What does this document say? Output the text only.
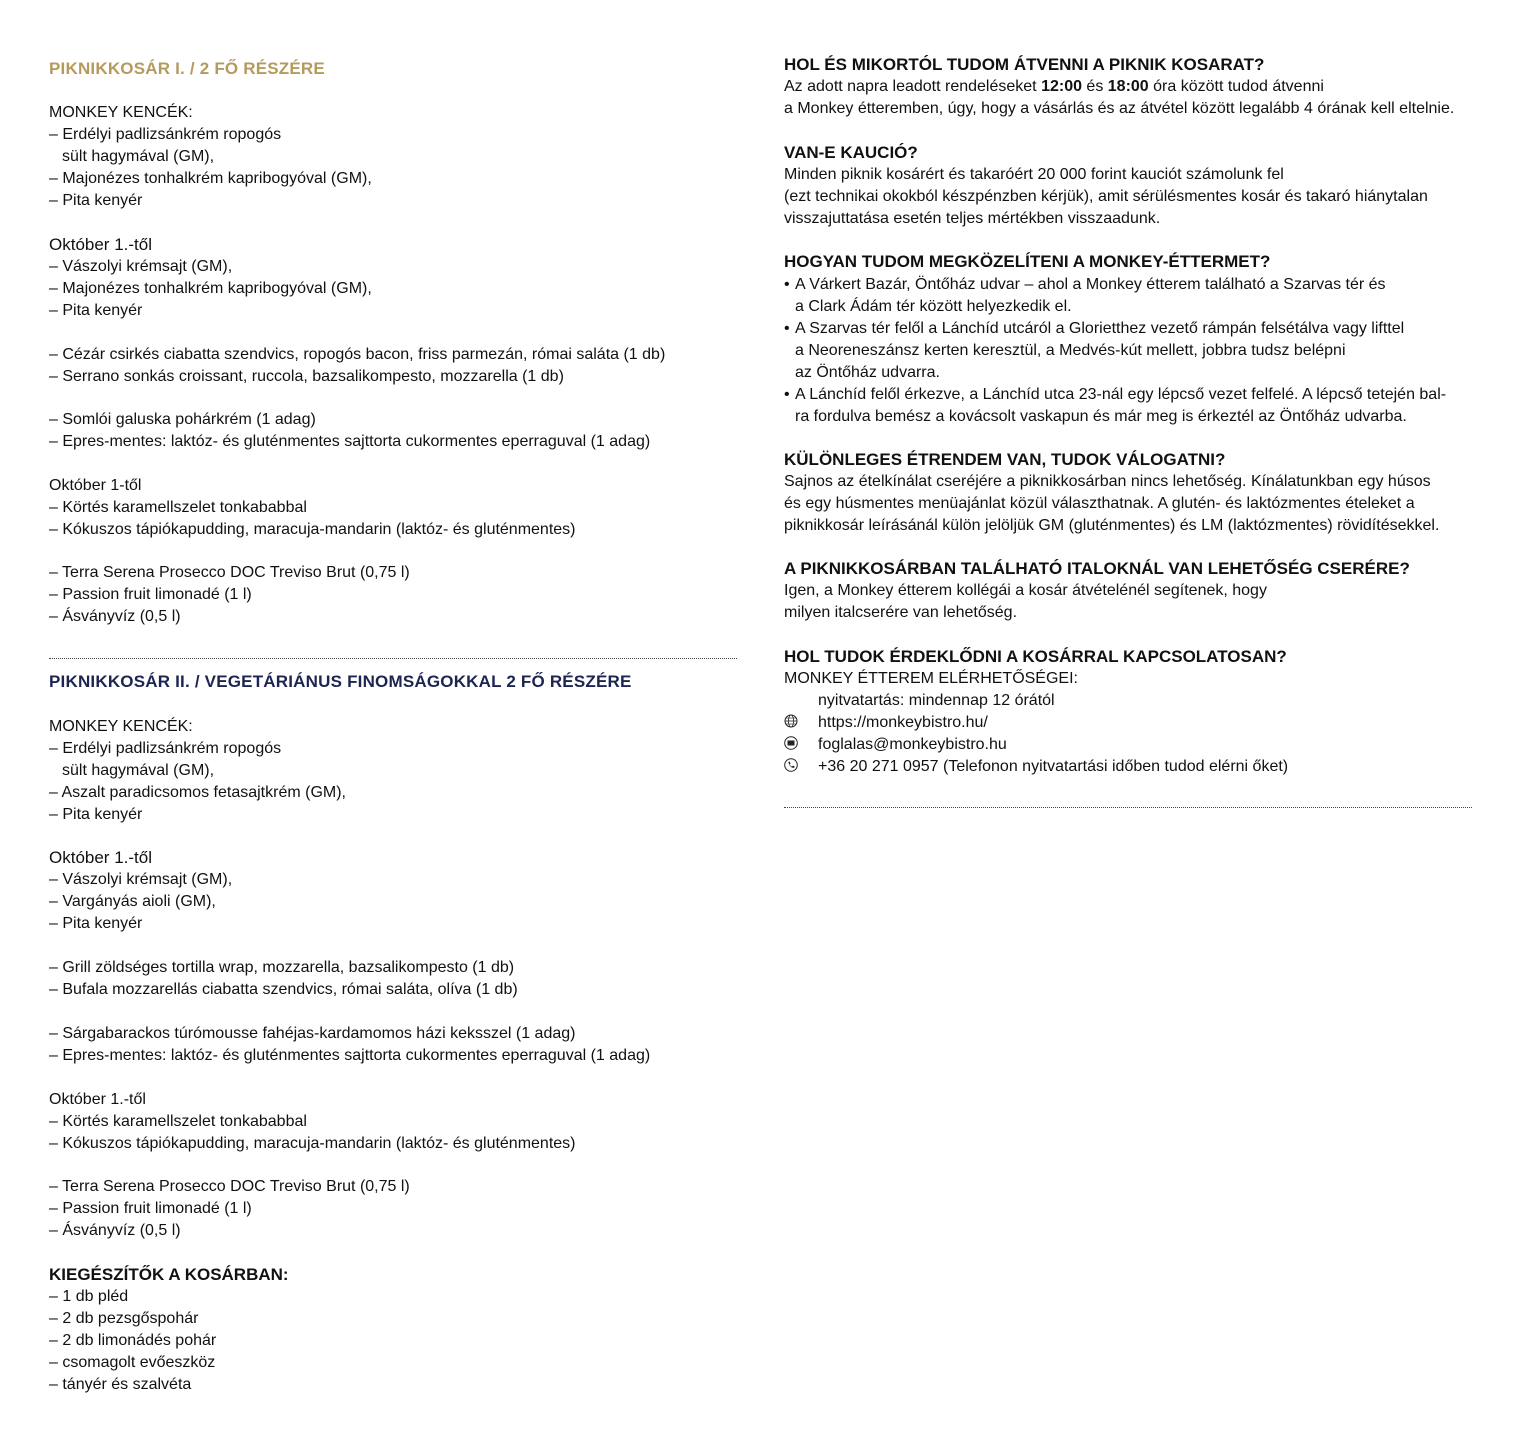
PIKNIKKOSÁR I. / 2 FŐ RÉSZÉRE
MONKEY KENCÉK:
– Erdélyi padlizsánkrém ropogós
sült hagymával (GM),
– Majonézes tonhalkrém kapribogyóval (GM),
– Pita kenyér
Október 1.-től
– Vászolyi krémsajt (GM),
– Majonézes tonhalkrém kapribogyóval (GM),
– Pita kenyér
– Cézár csirkés ciabatta szendvics, ropogós bacon, friss parmezán, római saláta (1 db)
– Serrano sonkás croissant, ruccola, bazsalikompesto, mozzarella (1 db)
– Somlói galuska pohárkrém (1 adag)
– Epres-mentes: laktóz- és gluténmentes sajttorta cukormentes eperraguval (1 adag)
Október 1-től
– Körtés karamellszelet tonkababbal
– Kókuszos tápiókapudding, maracuja-mandarin (laktóz- és gluténmentes)
– Terra Serena Prosecco DOC Treviso Brut (0,75 l)
– Passion fruit limonadé (1 l)
– Ásványvíz (0,5 l)
PIKNIKKOSÁR II. / VEGETÁRIÁNUS FINOMSÁGOKKAL 2 FŐ RÉSZÉRE
MONKEY KENCÉK:
– Erdélyi padlizsánkrém ropogós
sült hagymával (GM),
– Aszalt paradicsomos fetasajtkrém (GM),
– Pita kenyér
Október 1.-től
– Vászolyi krémsajt (GM),
– Vargányás aioli (GM),
– Pita kenyér
– Grill zöldséges tortilla wrap, mozzarella, bazsalikompesto (1 db)
– Bufala mozzarellás ciabatta szendvics, római saláta, olíva (1 db)
– Sárgabarackos túrómousse fahéjas-kardamomos házi keksszel (1 adag)
– Epres-mentes: laktóz- és gluténmentes sajttorta cukormentes eperraguval (1 adag)
Október 1.-től
– Körtés karamellszelet tonkababbal
– Kókuszos tápiókapudding, maracuja-mandarin (laktóz- és gluténmentes)
– Terra Serena Prosecco DOC Treviso Brut (0,75 l)
– Passion fruit limonadé (1 l)
– Ásványvíz (0,5 l)
KIEGÉSZÍTŐK A KOSÁRBAN:
– 1 db pléd
– 2 db pezsgőspohár
– 2 db limonádés pohár
– csomagolt evőeszköz
– tányér és szalvéta
HOL ÉS MIKORTÓL TUDOM ÁTVENNI A PIKNIK KOSARAT?
Az adott napra leadott rendeléseket 12:00 és 18:00 óra között tudod átvenni
a Monkey étteremben, úgy, hogy a vásárlás és az átvétel között legalább 4 órának kell eltelnie.
VAN-E KAUCIÓ?
Minden piknik kosárért és takaróért 20 000 forint kauciót számolunk fel
(ezt technikai okokból készpénzben kérjük), amit sérülésmentes kosár és takaró hiánytalan
visszajuttatása esetén teljes mértékben visszaadunk.
HOGYAN TUDOM MEGKÖZELÍTENI A MONKEY-ÉTTERMET?
• A Várkert Bazár, Öntőház udvar – ahol a Monkey étterem található a Szarvas tér és
a Clark Ádám tér között helyezkedik el.
• A Szarvas tér felől a Lánchíd utcáról a Glorietthez vezető rámpán felsétálva vagy lifttel
a Neoreneszánsz kerten keresztül, a Medvés-kút mellett, jobbra tudsz belépni
az Öntőház udvarra.
• A Lánchíd felől érkezve, a Lánchíd utca 23-nál egy lépcső vezet felfelé. A lépcső tetején bal-
ra fordulva bemész a kovácsolt vaskapun és már meg is érkeztél az Öntőház udvarba.
KÜLÖNLEGES ÉTRENDEM VAN, TUDOK VÁLOGATNI?
Sajnos az ételkínálat cseréjére a piknikkosárban nincs lehetőség. Kínálatunkban egy húsos
és egy húsmentes menüajánlat közül választhatnak. A glutén- és laktózmentes ételeket a
piknikkosár leírásánál külön jelöljük GM (gluténmentes) és LM (laktózmentes) rövidítésekkel.
A PIKNIKKOSÁRBAN TALÁLHATÓ ITALOKNÁL VAN LEHETŐSÉG CSERÉRE?
Igen, a Monkey étterem kollégái a kosár átvételénél segítenek, hogy
milyen italcserére van lehetőség.
HOL TUDOK ÉRDEKLŐDNI A KOSÁRRAL KAPCSOLATOSAN?
MONKEY ÉTTEREM ELÉRHETŐSÉGEI:
nyitvatartás: mindennap 12 órától
https://monkeybistro.hu/
foglalas@monkeybistro.hu
+36 20 271 0957 (Telefonon nyitvatartási időben tudod elérni őket)
